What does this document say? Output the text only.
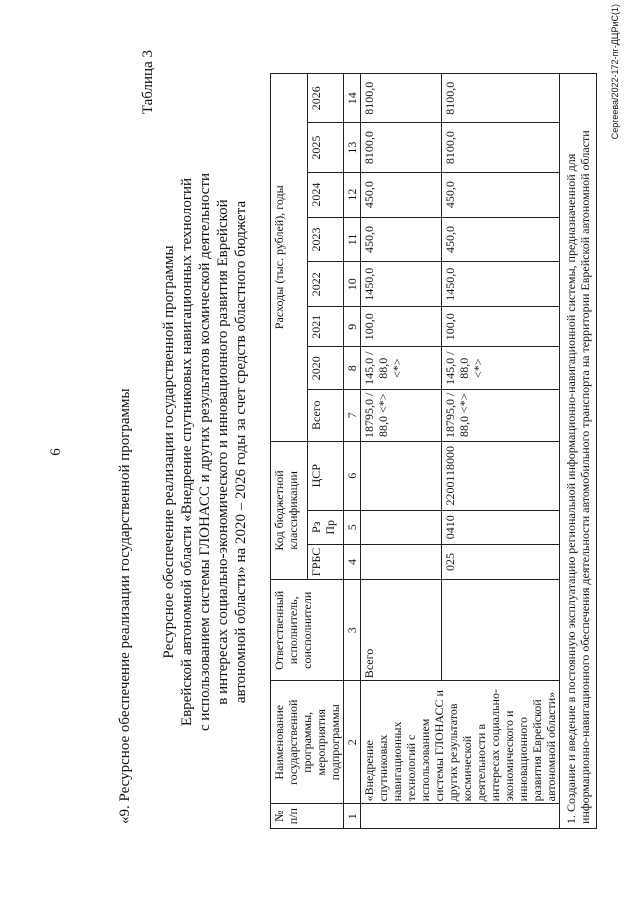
6	«9. Ресурсное обеспечение реализации государственной программы
Таблица 3
Ресурсное обеспечение реализации государственной программы Еврейской автономной области «Внедрение спутниковых навигационных технологий с использованием системы ГЛОНАСС и других результатов космической деятельности в интересах социально-экономического и инновационного развития Еврейской автономной области» на 2020 – 2026 годы за счет средств областного бюджета
№ п/п	Наименование государственной программы, мероприятия подпрограммы	Ответственный исполнитель, соисполнители	Код бюджетной классификации			Расходы (тыс. рублей), годы							
			ГРБС	Рз Пр	ЦСР	Всего	2020	2021	2022	2023	2024	2025	2026
1	2	3	4	5	6	7	8	9	10	11	12	13	14
	«Внедрение спутниковых навигационных технологий с использованием системы ГЛОНАСС и других результатов космической деятельности в интересах социально-экономического и инновационного развития Еврейской автономной области»	Всего				18795,0 / 88,0 <*>	145,0 / 88,0 <*>	100,0	1450,0	450,0	450,0	8100,0	8100,0
			025	0410	2200118000	18795,0 / 88,0 <*>	145,0 / 88,0 <*>	100,0	1450,0	450,0	450,0	8100,0	8100,0
1. Создание и введение в постоянную эксплуатацию региональной информационно-навигационной системы, предназначенной для информационно-навигационного обеспечения деятельности автомобильного транспорта на территории Еврейской автономной области													
Сергеева/2022-172-пг-ДЦРиС(1)
